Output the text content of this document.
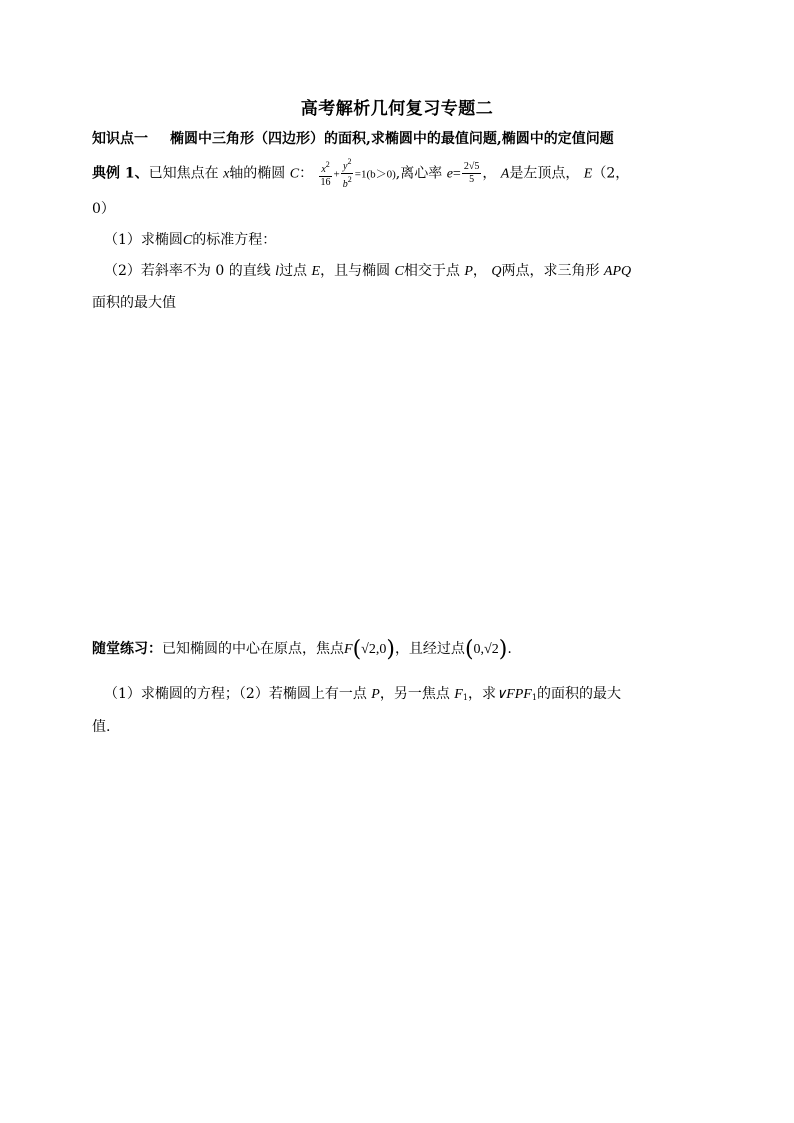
高考解析几何复习专题二
知识点一 椭圆中三角形（四边形）的面积,求椭圆中的最值问题,椭圆中的定值问题
典例 1、已知焦点在 x轴的椭圆 C： $\frac{x^2}{16} + \frac{y^2}{b^2} =1(b>0)$,离心率 $e= \frac{2√5}{5}$ ， A是左顶点， E（2，
0）
（1）求椭圆C的标准方程：
（2）若斜率不为 0 的直线 l过点 E，且与椭圆 C相交于点 P， Q两点，求三角形 APQ
面积的最大值
随堂练习：已知椭圆的中心在原点，焦点F(√2,0)，且经过点(0,√2).
（1）求椭圆的方程；（2）若椭圆上有一点 P，另一焦点 $F_1$，求$\vee FPF_1$的面积的最大
值.
